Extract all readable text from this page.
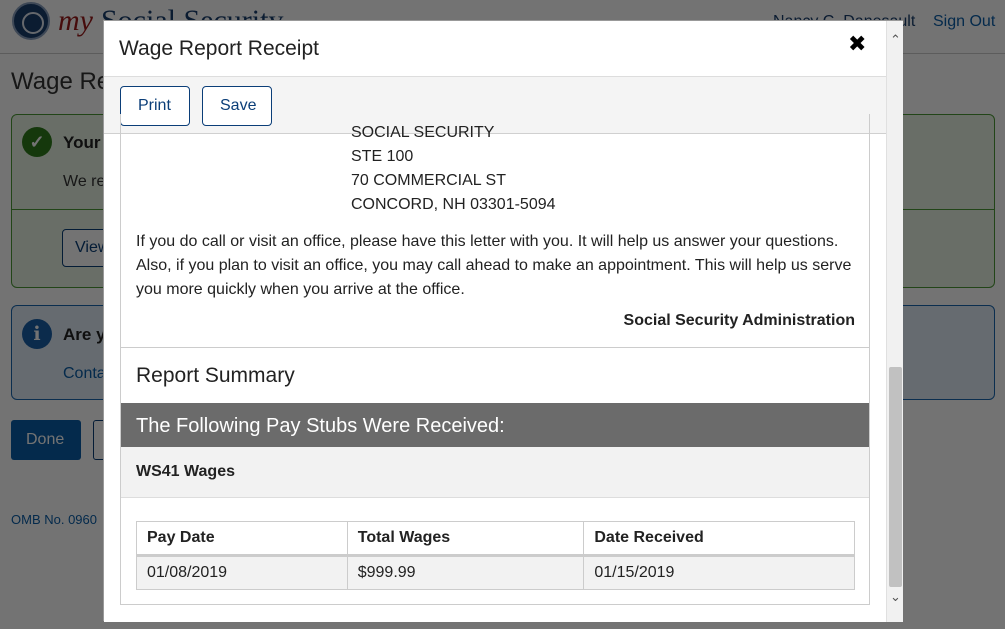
Wage Report Receipt	✖
Print	Save
SOCIAL SECURITY
STE 100
70 COMMERCIAL ST
CONCORD, NH 03301-5094
If you do call or visit an office, please have this letter with you. It will help us answer your questions. Also, if you plan to visit an office, you may call ahead to make an appointment. This will help us serve you more quickly when you arrive at the office.
Social Security Administration
Report Summary
The Following Pay Stubs Were Received:
WS41 Wages
Pay Date	Total Wages	Date Received
01/08/2019	$999.99	01/15/2019
⌃
⌄
